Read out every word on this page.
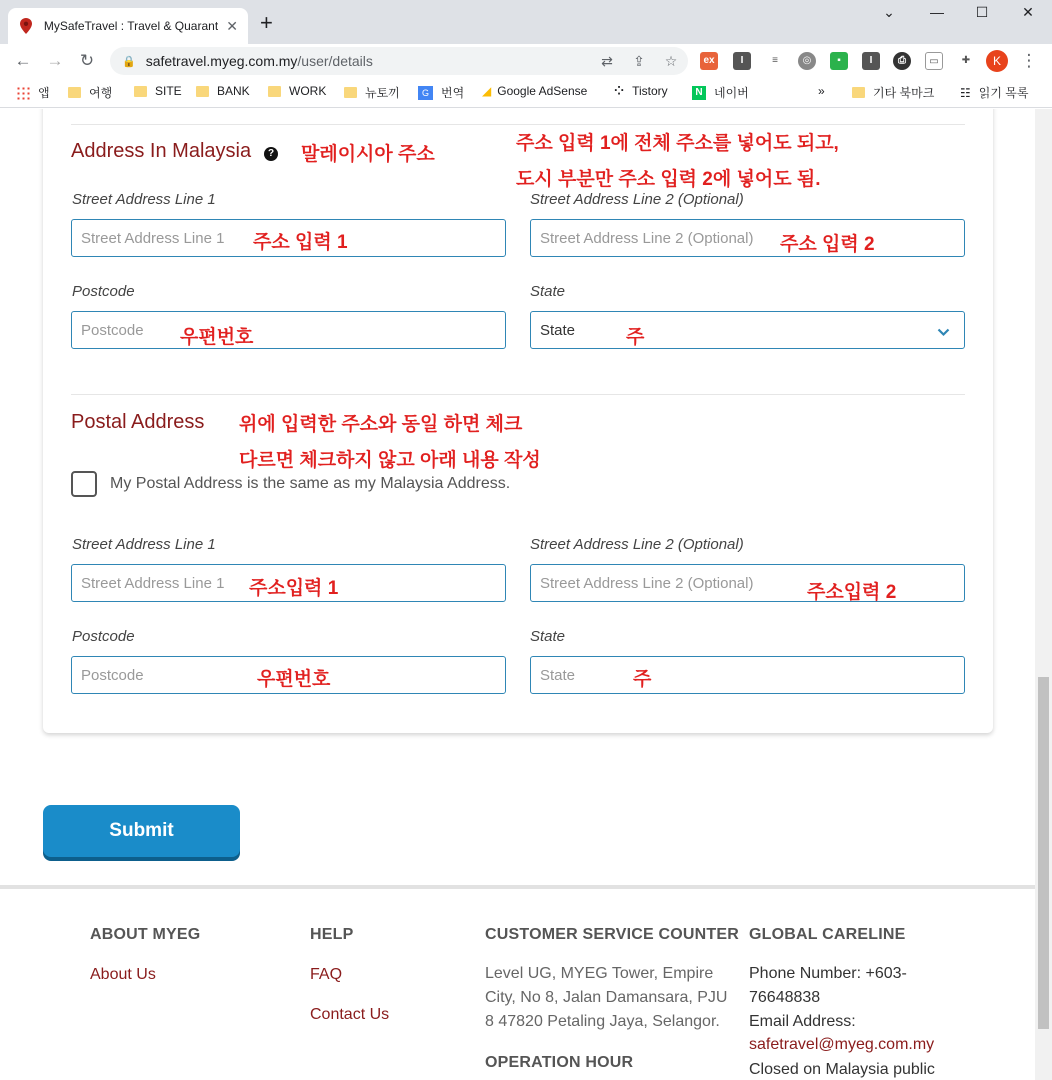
MySafeTravel : Travel & Quarant ✕ +	⌄	—	☐	✕
← → ↻	🔒 safetravel.myeg.com.my/user/details	⇄ ⇪ ☆	ex	I	≡	◎	▪	I	⎙	▭	✚	K	⋮
앱	여행	SITE	BANK	WORK	뉴토끼	G	번역 ◢ Google AdSense ⁘ Tistory	N 네이버	»	기타 북마크 ☷ 읽기 목록
Address In Malaysia	? 말레이시아 주소
주소 입력 1에 전체 주소를 넣어도 되고,
도시 부분만 주소 입력 2에 넣어도 됨.
Street Address Line 1	Street Address Line 2 (Optional)
Street Address Line 1	Street Address Line 2 (Optional)
주소 입력 1	주소 입력 2
Postcode	State
Postcode	State
우편번호	주
Postal Address 위에 입력한 주소와 동일 하면 체크
다르면 체크하지 않고 아래 내용 작성
My Postal Address is the same as my Malaysia Address.
Street Address Line 1	Street Address Line 2 (Optional)
Street Address Line 1	Street Address Line 2 (Optional)
주소입력 1	주소입력 2
Postcode	State
Postcode	State
우편번호	주
Submit
ABOUT MYEG
About Us
HELP
FAQ
Contact Us
CUSTOMER SERVICE COUNTER
Level UG, MYEG Tower, Empire
City, No 8, Jalan Damansara, PJU
8 47820 Petaling Jaya, Selangor.
OPERATION HOUR
GLOBAL CARELINE
Phone Number: +603-
76648838
Email Address:
safetravel@myeg.com.my
Closed on Malaysia public
